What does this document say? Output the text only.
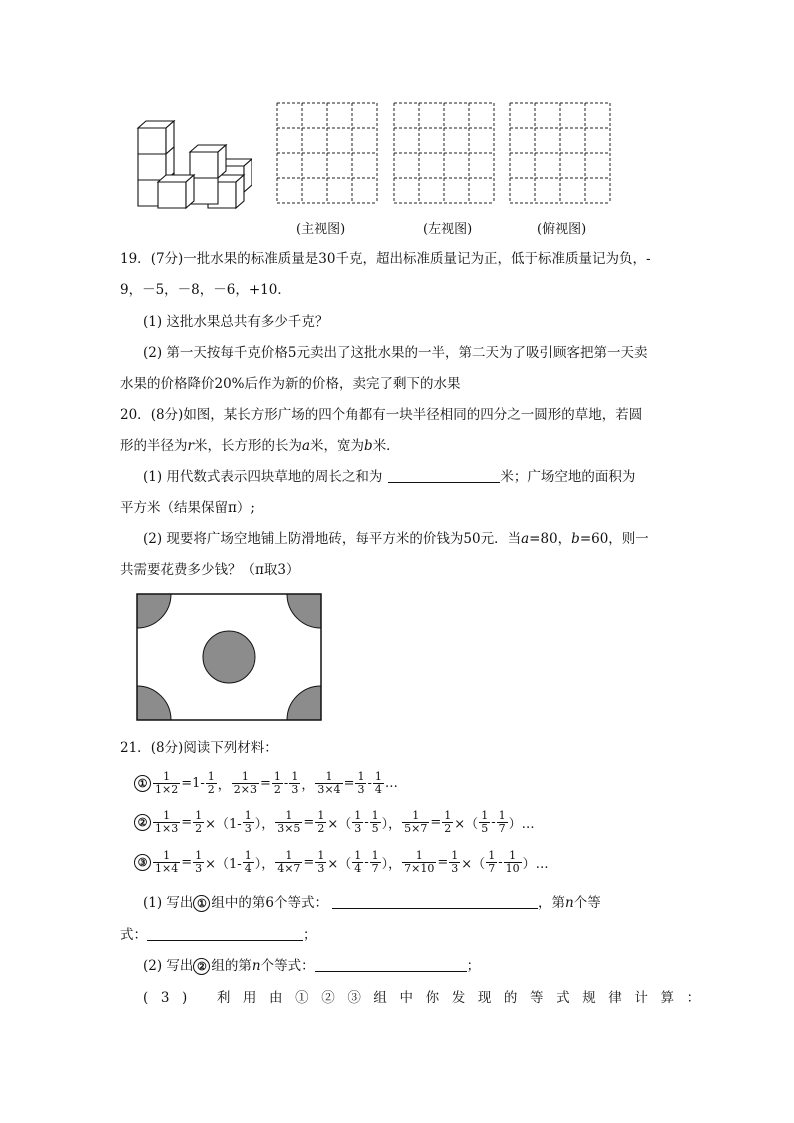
(主视图)	(左视图)	(俯视图)
19．(7分)一批水果的标准质量是30千克，超出标准质量记为正，低于标准质量记为负，-
9，－5，－8，－6，+10．
(1) 这批水果总共有多少千克？
(2) 第一天按每千克价格5元卖出了这批水果的一半，第二天为了吸引顾客把第一天卖
水果的价格降价20%后作为新的价格，卖完了剩下的水果
20．(8分)如图，某长方形广场的四个角都有一块半径相同的四分之一圆形的草地，若圆
形的半径为r米，长方形的长为a米，宽为b米．
(1) 用代数式表示四块草地的周长之和为	米；广场空地的面积为
平方米（结果保留π）;
(2) 现要将广场空地铺上防滑地砖，每平方米的价钱为50元．当a=80，b=60，则一
共需要花费多少钱？（π取3）
21．(8分)阅读下列材料：
① $\frac{1}{1\times 2} =1- \frac{1}{2}$ ， $\frac{1}{2\times 3} = \frac{1}{2} - \frac{1}{3}$ ， $\frac{1}{3\times 4} = \frac{1}{3} - \frac{1}{4}$ …
② $\frac{1}{1\times 3} = \frac{1}{2} \times(1- \frac{1}{3}$ ）， $\frac{1}{3\times 5} = \frac{1}{2}$ ×（ $\frac{1}{3} - \frac{1}{5}$ ）， $\frac{1}{5\times 7} = \frac{1}{2}$ ×（ $\frac{1}{5} - \frac{1}{7}$ ）…
③ $\frac{1}{1\times 4} = \frac{1}{3} \times(1- \frac{1}{4}$ ）， $\frac{1}{4\times 7} = \frac{1}{3}$ ×（ $\frac{1}{4} - \frac{1}{7}$ ）， $\frac{1}{7\times 10} = \frac{1}{3}$ ×（ $\frac{1}{7} - \frac{1}{10}$ ）…
(1) 写出 ① 组中的第6个等式：	，第n个等
式：	；
(2) 写出 ② 组的第n个等式：	；
(3) 利用由①②③组中你发现的等式规律计算：
